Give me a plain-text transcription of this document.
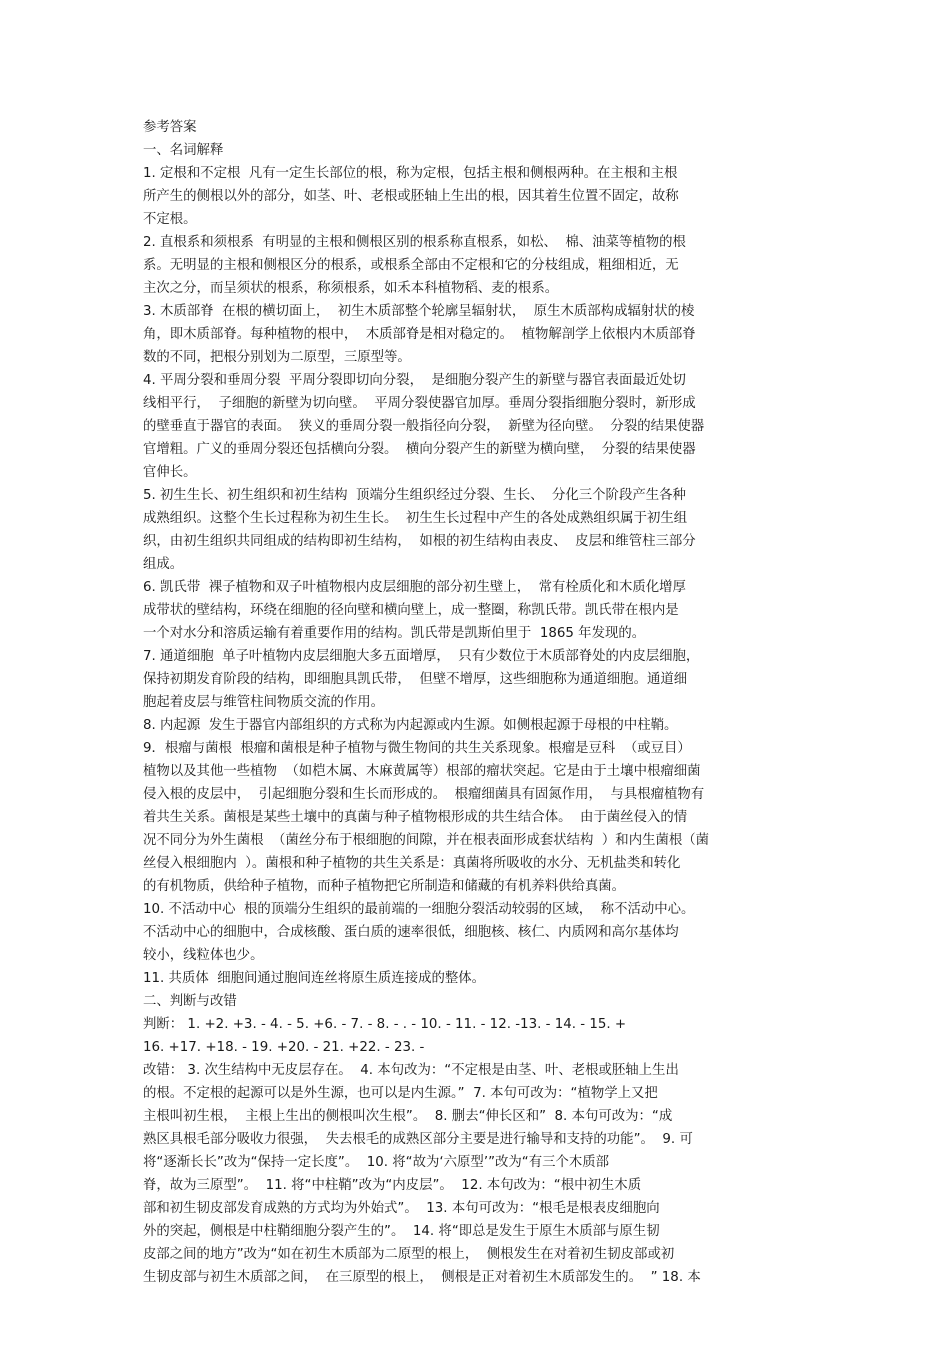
参考答案
一、名词解释
1. 定根和不定根  凡有一定生长部位的根，称为定根，包括主根和侧根两种。在主根和主根
所产生的侧根以外的部分，如茎、叶、老根或胚轴上生出的根，因其着生位置不固定，故称
不定根。
2. 直根系和须根系  有明显的主根和侧根区别的根系称直根系，如松、  棉、油菜等植物的根
系。无明显的主根和侧根区分的根系，或根系全部由不定根和它的分枝组成，粗细相近，无
主次之分，而呈须状的根系，称须根系，如禾本科植物稻、麦的根系。
3. 木质部脊  在根的横切面上，  初生木质部整个轮廓呈辐射状，  原生木质部构成辐射状的棱
角，即木质部脊。每种植物的根中，  木质部脊是相对稳定的。  植物解剖学上依根内木质部脊
数的不同，把根分别划为二原型，三原型等。
4. 平周分裂和垂周分裂  平周分裂即切向分裂，  是细胞分裂产生的新壁与器官表面最近处切
线相平行，  子细胞的新壁为切向壁。  平周分裂使器官加厚。垂周分裂指细胞分裂时，新形成
的壁垂直于器官的表面。  狭义的垂周分裂一般指径向分裂，  新壁为径向壁。  分裂的结果使器
官增粗。广义的垂周分裂还包括横向分裂。  横向分裂产生的新壁为横向壁，  分裂的结果使器
官伸长。
5. 初生生长、初生组织和初生结构  顶端分生组织经过分裂、生长、  分化三个阶段产生各种
成熟组织。这整个生长过程称为初生生长。  初生生长过程中产生的各处成熟组织属于初生组
织，由初生组织共同组成的结构即初生结构，  如根的初生结构由表皮、  皮层和维管柱三部分
组成。
6. 凯氏带  裸子植物和双子叶植物根内皮层细胞的部分初生壁上，  常有栓质化和木质化增厚
成带状的壁结构，环绕在细胞的径向壁和横向壁上，成一整圈，称凯氏带。凯氏带在根内是
一个对水分和溶质运输有着重要作用的结构。凯氏带是凯斯伯里于  1865 年发现的。
7. 通道细胞  单子叶植物内皮层细胞大多五面增厚，  只有少数位于木质部脊处的内皮层细胞，
保持初期发育阶段的结构，即细胞具凯氏带，  但壁不增厚，这些细胞称为通道细胞。通道细
胞起着皮层与维管柱间物质交流的作用。
8. 内起源  发生于器官内部组织的方式称为内起源或内生源。如侧根起源于母根的中柱鞘。
9．根瘤与菌根  根瘤和菌根是种子植物与微生物间的共生关系现象。根瘤是豆科  （或豆目）
植物以及其他一些植物  （如桤木属、木麻黄属等）根部的瘤状突起。它是由于土壤中根瘤细菌
侵入根的皮层中，  引起细胞分裂和生长而形成的。  根瘤细菌具有固氮作用，  与具根瘤植物有
着共生关系。菌根是某些土壤中的真菌与种子植物根形成的共生结合体。  由于菌丝侵入的情
况不同分为外生菌根  （菌丝分布于根细胞的间隙，并在根表面形成套状结构  ）和内生菌根（菌
丝侵入根细胞内  ）。菌根和种子植物的共生关系是：真菌将所吸收的水分、无机盐类和转化
的有机物质，供给种子植物，而种子植物把它所制造和储藏的有机养料供给真菌。
10. 不活动中心  根的顶端分生组织的最前端的一细胞分裂活动较弱的区域，  称不活动中心。
不活动中心的细胞中，合成核酸、蛋白质的速率很低，细胞核、核仁、内质网和高尔基体均
较小，线粒体也少。
11. 共质体  细胞间通过胞间连丝将原生质连接成的整体。
二、判断与改错
判断： 1. +2. +3. - 4. - 5. +6. - 7. - 8. - . - 10. - 11. - 12. -13. - 14. - 15. +
16. +17. +18. - 19. +20. - 21. +22. - 23. -
改错： 3. 次生结构中无皮层存在。  4. 本句改为：“不定根是由茎、叶、老根或胚轴上生出
的根。不定根的起源可以是外生源，也可以是内生源。”  7. 本句可改为：“植物学上又把
主根叫初生根，  主根上生出的侧根叫次生根”。  8. 删去“伸长区和”  8. 本句可改为：“成
熟区具根毛部分吸收力很强，  失去根毛的成熟区部分主要是进行输导和支持的功能”。  9. 可
将“逐渐长长”改为“保持一定长度”。  10. 将“故为‘六原型’”改为“有三个木质部
脊，故为三原型”。  11. 将“中柱鞘”改为“内皮层”。  12. 本句改为：“根中初生木质
部和初生韧皮部发育成熟的方式均为外始式”。  13. 本句可改为：“根毛是根表皮细胞向
外的突起，侧根是中柱鞘细胞分裂产生的”。  14. 将“即总是发生于原生木质部与原生韧
皮部之间的地方”改为“如在初生木质部为二原型的根上，  侧根发生在对着初生韧皮部或初
生韧皮部与初生木质部之间，  在三原型的根上，  侧根是正对着初生木质部发生的。  ” 18. 本
